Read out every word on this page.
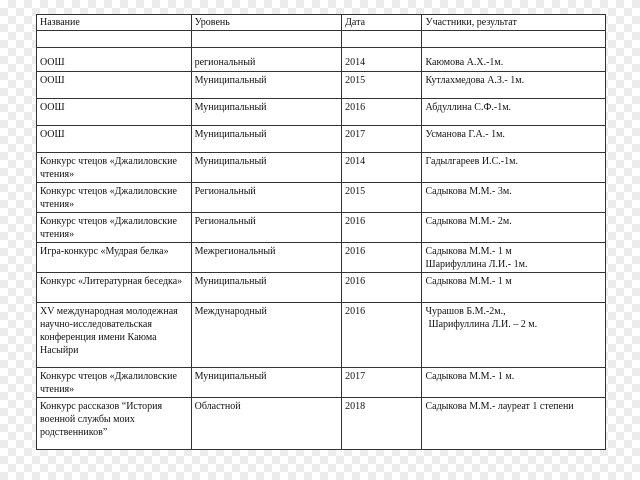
Название	Уровень	Дата	Участники, результат

ООШ	региональный	2014	Каюмова А.Х.-1м.

ООШ	Муниципальный	2015	Кутлахмедова А.З.- 1м.
ООШ	Муниципальный	2016	Абдуллина С.Ф.-1м.
ООШ	Муниципальный	2017	Усманова Г.А.- 1м.
Конкурс чтецов «Джалиловские чтения»	Муниципальный	2014	Гадылгареев И.С.-1м.
Конкурс чтецов «Джалиловские чтения»	Региональный	2015	Садыкова М.М.- 3м.
Конкурс чтецов «Джалиловские чтения»	Региональный	2016	Садыкова М.М.- 2м.
Игра-конкурс «Мудрая белка»	Межрегиональный	2016	Садыкова М.М.- 1 м
Шарифуллина Л.И.- 1м.

Конкурс «Литературная беседка»	Муниципальный	2016	Садыкова М.М.- 1 м
XV международная молодежная научно-исследовательская конференция имени Каюма Насыйри	Международный	2016	Чурашов Б.М.-2м.,
Шарифуллина Л.И. – 2 м.

Конкурс чтецов «Джалиловские чтения»	Муниципальный	2017	Садыкова М.М.- 1 м.
Конкурс рассказов “История военной службы моих родственников”	Областной	2018	Садыкова М.М.- лауреат 1 степени
